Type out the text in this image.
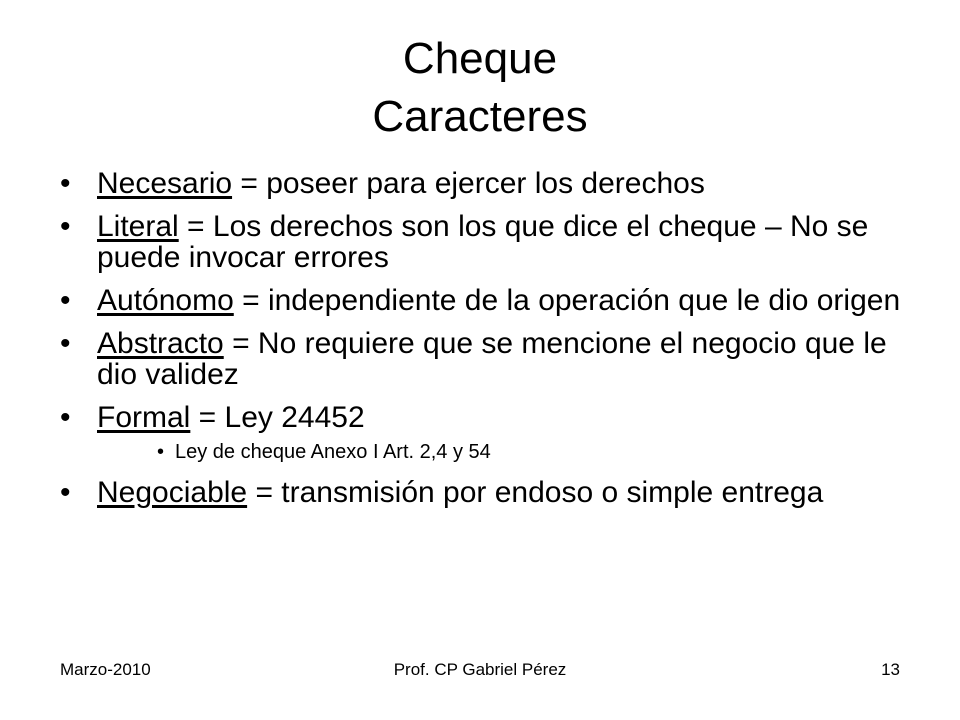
Cheque
Caracteres
• Necesario = poseer para ejercer los derechos
• Literal = Los derechos son los que dice el cheque – No se puede invocar errores
• Autónomo = independiente de la operación que le dio origen
• Abstracto = No requiere que se mencione el negocio que le dio validez
• Formal = Ley 24452
• Ley de cheque Anexo I Art. 2,4 y 54
• Negociable = transmisión por endoso o simple entrega
Prof. CP Gabriel Pérez
Marzo-2010	13
